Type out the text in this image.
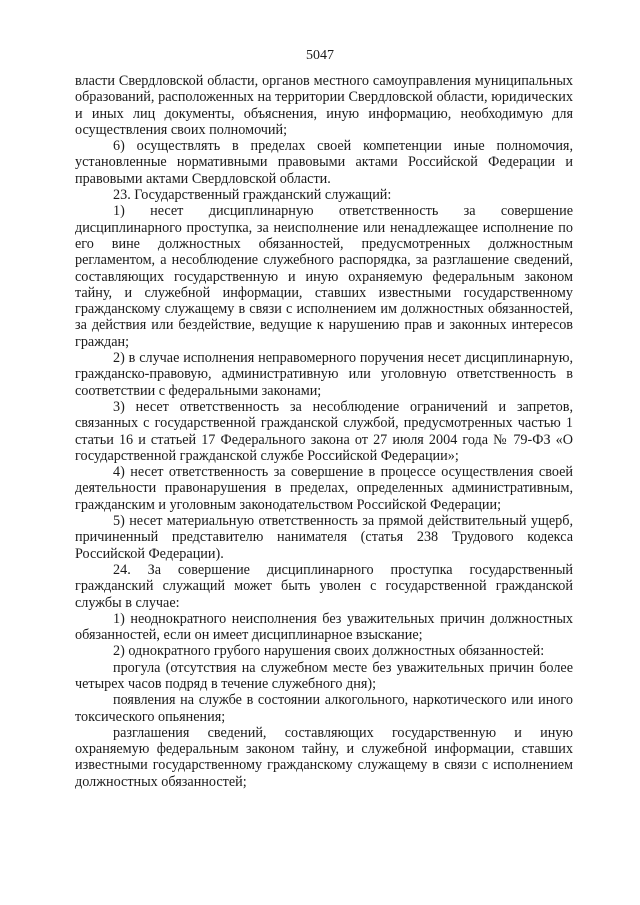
5047

власти Свердловской области, органов местного самоуправления муниципальных образований, расположенных на территории Свердловской области, юридических и иных лиц документы, объяснения, иную информацию, необходимую для осуществления своих полномочий;

6) осуществлять в пределах своей компетенции иные полномочия, установленные нормативными правовыми актами Российской Федерации и правовыми актами Свердловской области.

23. Государственный гражданский служащий:

1) несет дисциплинарную ответственность за совершение дисциплинарного проступка, за неисполнение или ненадлежащее исполнение по его вине должностных обязанностей, предусмотренных должностным регламентом, а несоблюдение служебного распорядка, за разглашение сведений, составляющих государственную и иную охраняемую федеральным законом тайну, и служебной информации, ставших известными государственному гражданскому служащему в связи с исполнением им должностных обязанностей, за действия или бездействие, ведущие к нарушению прав и законных интересов граждан;

2) в случае исполнения неправомерного поручения несет дисциплинарную, гражданско-правовую, административную или уголовную ответственность в соответствии с федеральными законами;

3) несет ответственность за несоблюдение ограничений и запретов, связанных с государственной гражданской службой, предусмотренных частью 1 статьи 16 и статьей 17 Федерального закона от 27 июля 2004 года № 79-ФЗ «О государственной гражданской службе Российской Федерации»;

4) несет ответственность за совершение в процессе осуществления своей деятельности правонарушения в пределах, определенных административным, гражданским и уголовным законодательством Российской Федерации;

5) несет материальную ответственность за прямой действительный ущерб, причиненный представителю нанимателя (статья 238 Трудового кодекса Российской Федерации).

24. За совершение дисциплинарного проступка государственный гражданский служащий может быть уволен с государственной гражданской службы в случае:

1) неоднократного неисполнения без уважительных причин должностных обязанностей, если он имеет дисциплинарное взыскание;

2) однократного грубого нарушения своих должностных обязанностей:

прогула (отсутствия на служебном месте без уважительных причин более четырех часов подряд в течение служебного дня);

появления на службе в состоянии алкогольного, наркотического или иного токсического опьянения;

разглашения сведений, составляющих государственную и иную охраняемую федеральным законом тайну, и служебной информации, ставших известными государственному гражданскому служащему в связи с исполнением должностных обязанностей;
